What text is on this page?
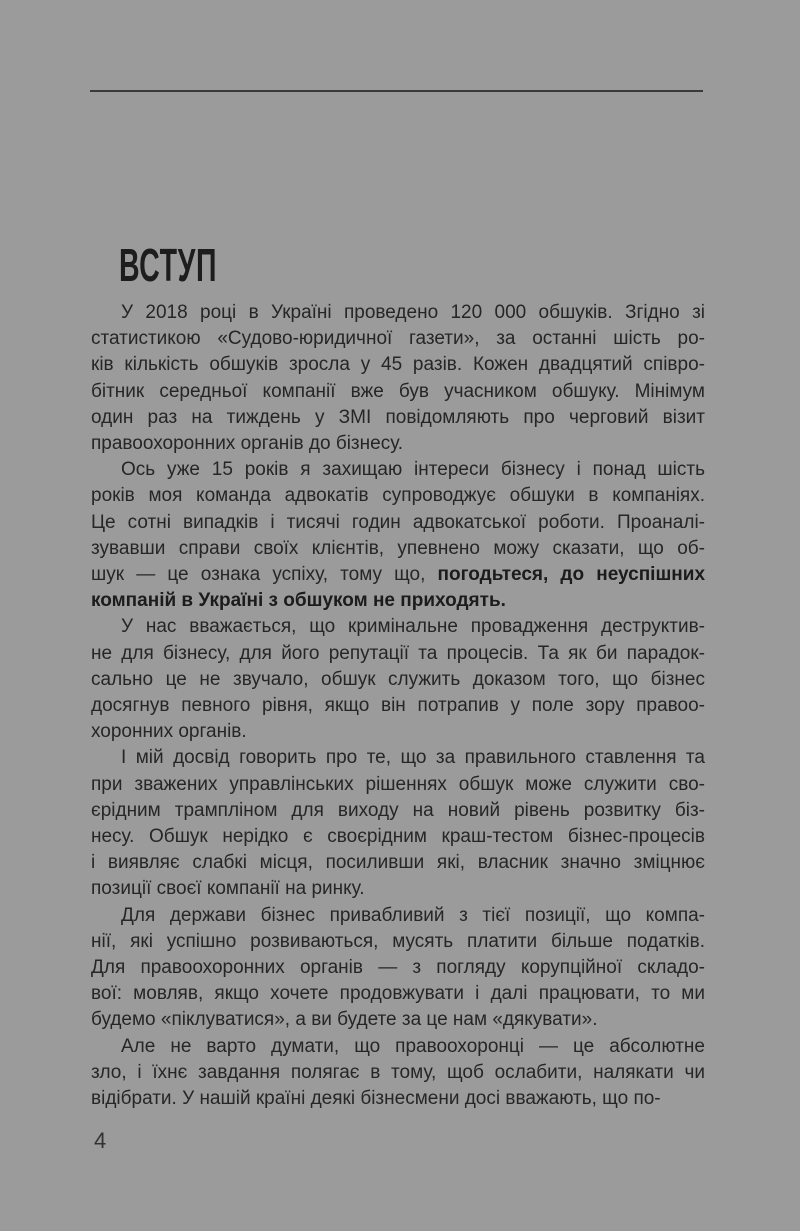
ВСТУП
У 2018 році в Україні проведено 120 000 обшуків. Згідно зі
статистикою «Судово-юридичної газети», за останні шість ро-
ків кількість обшуків зросла у 45 разів. Кожен двадцятий співро-
бітник середньої компанії вже був учасником обшуку. Мінімум
один раз на тиждень у ЗМІ повідомляють про черговий візит
правоохоронних органів до бізнесу.
Ось уже 15 років я захищаю інтереси бізнесу і понад шість
років моя команда адвокатів супроводжує обшуки в компаніях.
Це сотні випадків і тисячі годин адвокатської роботи. Проаналі-
зувавши справи своїх клієнтів, упевнено можу сказати, що об-
шук — це ознака успіху, тому що, погодьтеся, до неуспішних
компаній в Україні з обшуком не приходять.
У нас вважається, що кримінальне провадження деструктив-
не для бізнесу, для його репутації та процесів. Та як би парадок-
сально це не звучало, обшук служить доказом того, що бізнес
досягнув певного рівня, якщо він потрапив у поле зору правоо-
хоронних органів.
І мій досвід говорить про те, що за правильного ставлення та
при зважених управлінських рішеннях обшук може служити сво-
єрідним трампліном для виходу на новий рівень розвитку біз-
несу. Обшук нерідко є своєрідним краш-тестом бізнес-процесів
і виявляє слабкі місця, посиливши які, власник значно зміцнює
позиції своєї компанії на ринку.
Для держави бізнес привабливий з тієї позиції, що компа-
нії, які успішно розвиваються, мусять платити більше податків.
Для правоохоронних органів — з погляду корупційної складо-
вої: мовляв, якщо хочете продовжувати і далі працювати, то ми
будемо «піклуватися», а ви будете за це нам «дякувати».
Але не варто думати, що правоохоронці — це абсолютне
зло, і їхнє завдання полягає в тому, щоб ослабити, налякати чи
відібрати. У нашій країні деякі бізнесмени досі вважають, що по-
4
